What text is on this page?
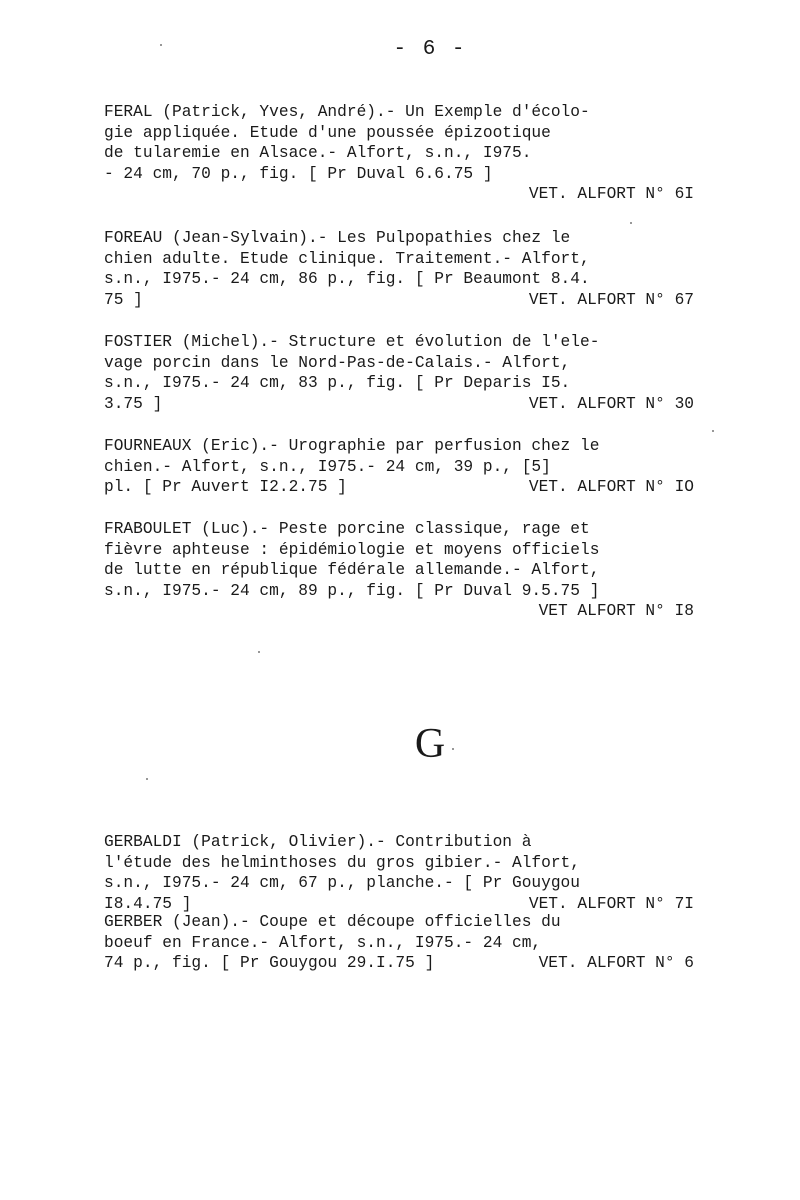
- 6 -
FERAL (Patrick, Yves, André).- Un Exemple d'écolo-
gie appliquée. Etude d'une poussée épizootique
de tularemie en Alsace.- Alfort, s.n., I975.
- 24 cm, 70 p., fig. [ Pr Duval 6.6.75 ]
VET. ALFORT N° 6I
FOREAU (Jean-Sylvain).- Les Pulpopathies chez le
chien adulte. Etude clinique. Traitement.- Alfort,
s.n., I975.- 24 cm, 86 p., fig. [ Pr Beaumont 8.4.
75 ]	VET. ALFORT N° 67
FOSTIER (Michel).- Structure et évolution de l'ele-
vage porcin dans le Nord-Pas-de-Calais.- Alfort,
s.n., I975.- 24 cm, 83 p., fig. [ Pr Deparis I5.
3.75 ]	VET. ALFORT N° 30
FOURNEAUX (Eric).- Urographie par perfusion chez le
chien.- Alfort, s.n., I975.- 24 cm, 39 p., [5]
pl. [ Pr Auvert I2.2.75 ]	VET. ALFORT N° IO
FRABOULET (Luc).- Peste porcine classique, rage et
fièvre aphteuse : épidémiologie et moyens officiels
de lutte en république fédérale allemande.- Alfort,
s.n., I975.- 24 cm, 89 p., fig. [ Pr Duval 9.5.75 ]
VET ALFORT N° I8
G
GERBALDI (Patrick, Olivier).- Contribution à
l'étude des helminthoses du gros gibier.- Alfort,
s.n., I975.- 24 cm, 67 p., planche.- [ Pr Gouygou
I8.4.75 ]	VET. ALFORT N° 7I
GERBER (Jean).- Coupe et découpe officielles du
boeuf en France.- Alfort, s.n., I975.- 24 cm,
74 p., fig. [ Pr Gouygou 29.I.75 ]	VET. ALFORT N° 6
